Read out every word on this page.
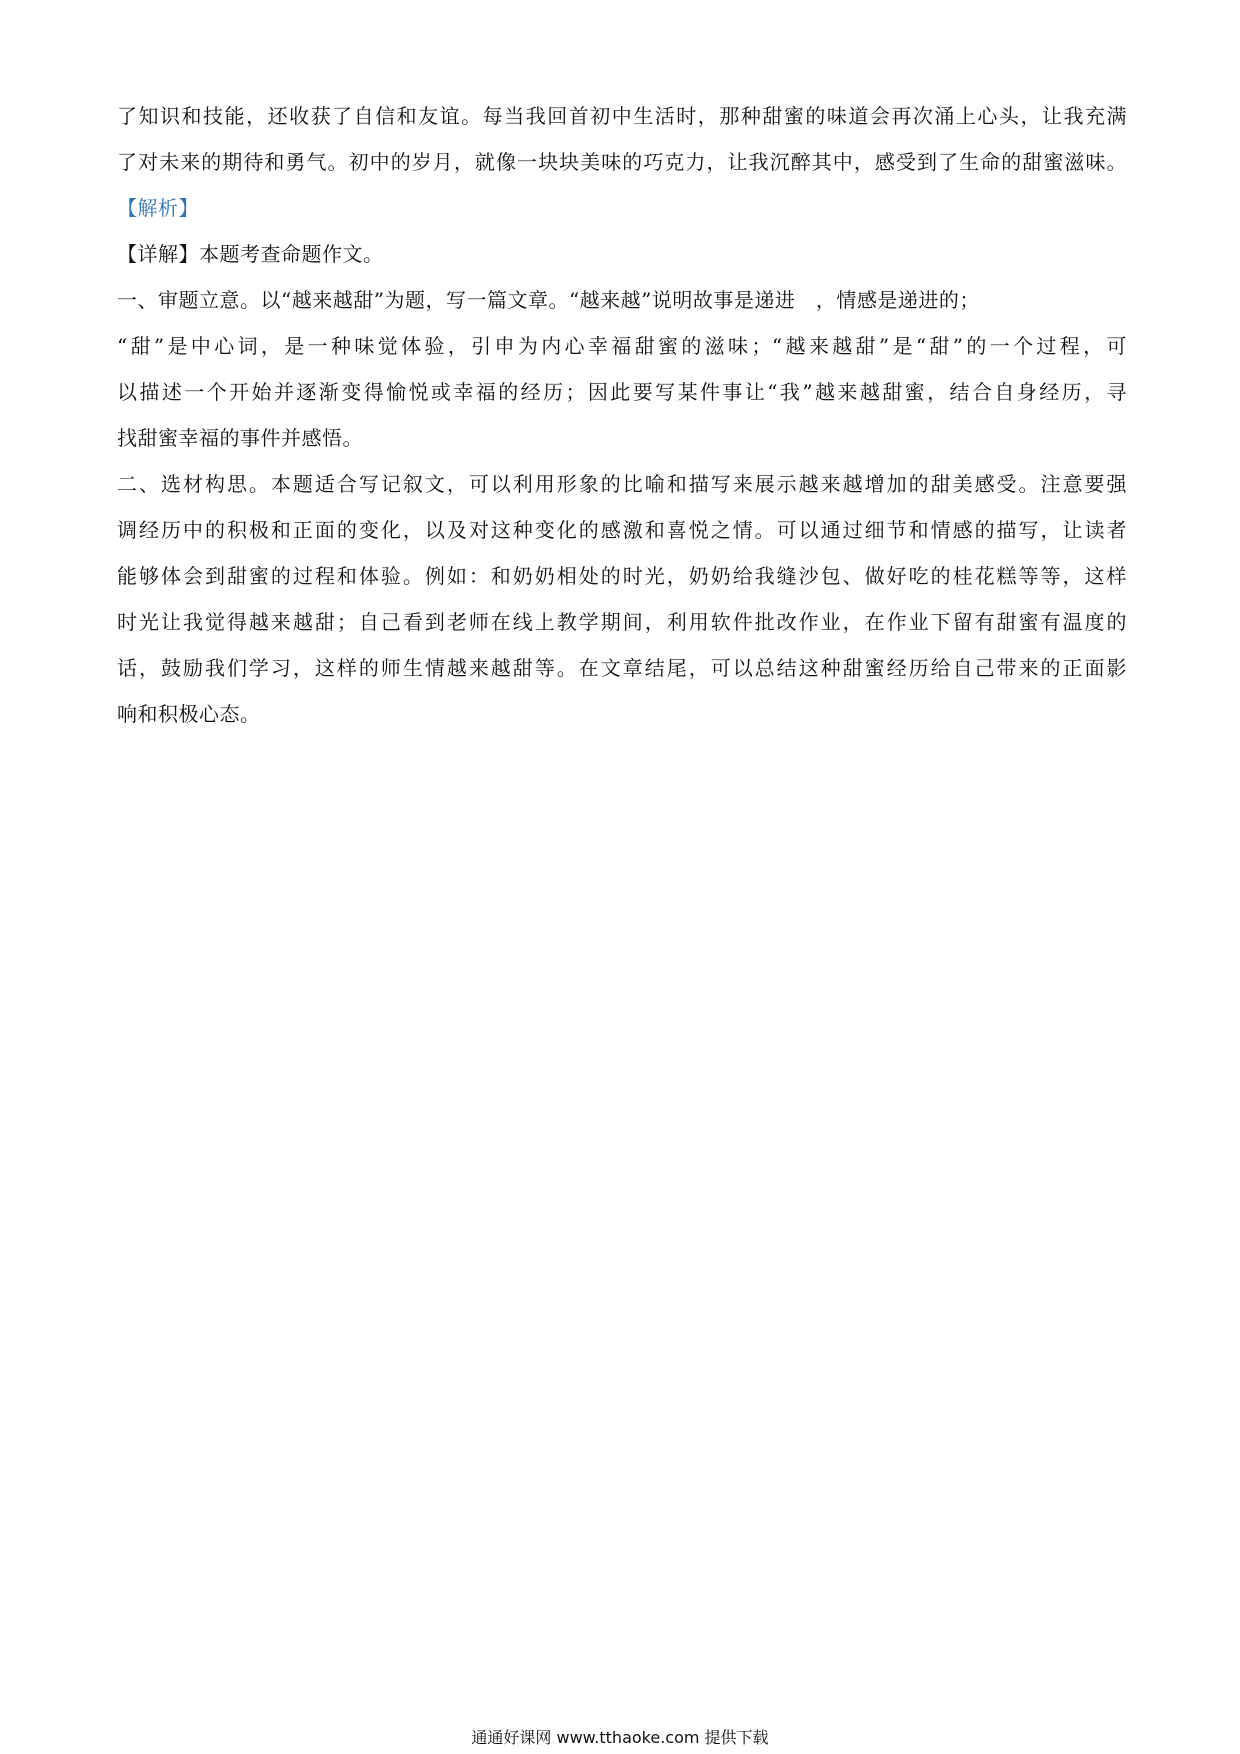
了知识和技能，还收获了自信和友谊。每当我回首初中生活时，那种甜蜜的味道会再次涌上心头，让我充满
了对未来的期待和勇气。初中的岁月，就像一块块美味的巧克力，让我沉醉其中，感受到了生命的甜蜜滋味。
【解析】
【详解】本题考查命题作文。
一、审题立意。以“越来越甜”为题，写一篇文章。“越来越”说明故事是递进　，情感是递进的；
“甜”是中心词，是一种味觉体验，引申为内心幸福甜蜜的滋味；“越来越甜”是“甜”的一个过程，可
以描述一个开始并逐渐变得愉悦或幸福的经历；因此要写某件事让“我”越来越甜蜜，结合自身经历，寻
找甜蜜幸福的事件并感悟。
二、选材构思。本题适合写记叙文，可以利用形象的比喻和描写来展示越来越增加的甜美感受。注意要强
调经历中的积极和正面的变化，以及对这种变化的感激和喜悦之情。可以通过细节和情感的描写，让读者
能够体会到甜蜜的过程和体验。例如：和奶奶相处的时光，奶奶给我缝沙包、做好吃的桂花糕等等，这样
时光让我觉得越来越甜；自己看到老师在线上教学期间，利用软件批改作业，在作业下留有甜蜜有温度的
话，鼓励我们学习，这样的师生情越来越甜等。在文章结尾，可以总结这种甜蜜经历给自己带来的正面影
响和积极心态。
通通好课网 www.tthaoke.com 提供下载
